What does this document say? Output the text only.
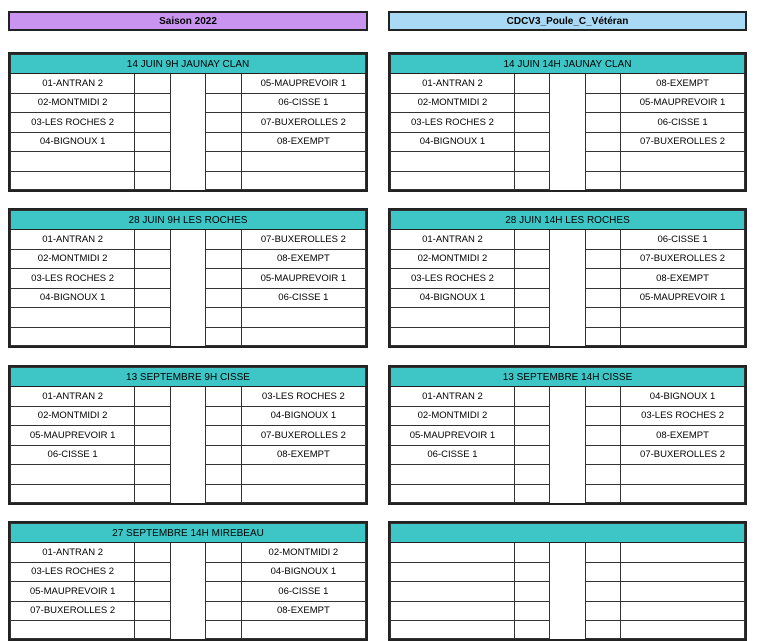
Saison 2022	CDCV3_Poule_C_Vétéran
14 JUIN 9H JAUNAY CLAN				
01-ANTRAN 2				05-MAUPREVOIR 1
02-MONTMIDI 2				06-CISSE 1
03-LES ROCHES 2				07-BUXEROLLES 2
04-BIGNOUX 1				08-EXEMPT

14 JUIN 14H JAUNAY CLAN				
01-ANTRAN 2				08-EXEMPT
02-MONTMIDI 2				05-MAUPREVOIR 1
03-LES ROCHES 2				06-CISSE 1
04-BIGNOUX 1				07-BUXEROLLES 2

28 JUIN 9H LES ROCHES				
01-ANTRAN 2				07-BUXEROLLES 2
02-MONTMIDI 2				08-EXEMPT
03-LES ROCHES 2				05-MAUPREVOIR 1
04-BIGNOUX 1				06-CISSE 1

28 JUIN 14H LES ROCHES				
01-ANTRAN 2				06-CISSE 1
02-MONTMIDI 2				07-BUXEROLLES 2
03-LES ROCHES 2				08-EXEMPT
04-BIGNOUX 1				05-MAUPREVOIR 1

13 SEPTEMBRE 9H CISSE				
01-ANTRAN 2				03-LES ROCHES 2
02-MONTMIDI 2				04-BIGNOUX 1
05-MAUPREVOIR 1				07-BUXEROLLES 2
06-CISSE 1				08-EXEMPT

13 SEPTEMBRE 14H CISSE				
01-ANTRAN 2				04-BIGNOUX 1
02-MONTMIDI 2				03-LES ROCHES 2
05-MAUPREVOIR 1				08-EXEMPT
06-CISSE 1				07-BUXEROLLES 2

27 SEPTEMBRE 14H MIREBEAU				
01-ANTRAN 2				02-MONTMIDI 2
03-LES ROCHES 2				04-BIGNOUX 1
05-MAUPREVOIR 1				06-CISSE 1
07-BUXEROLLES 2				08-EXEMPT
